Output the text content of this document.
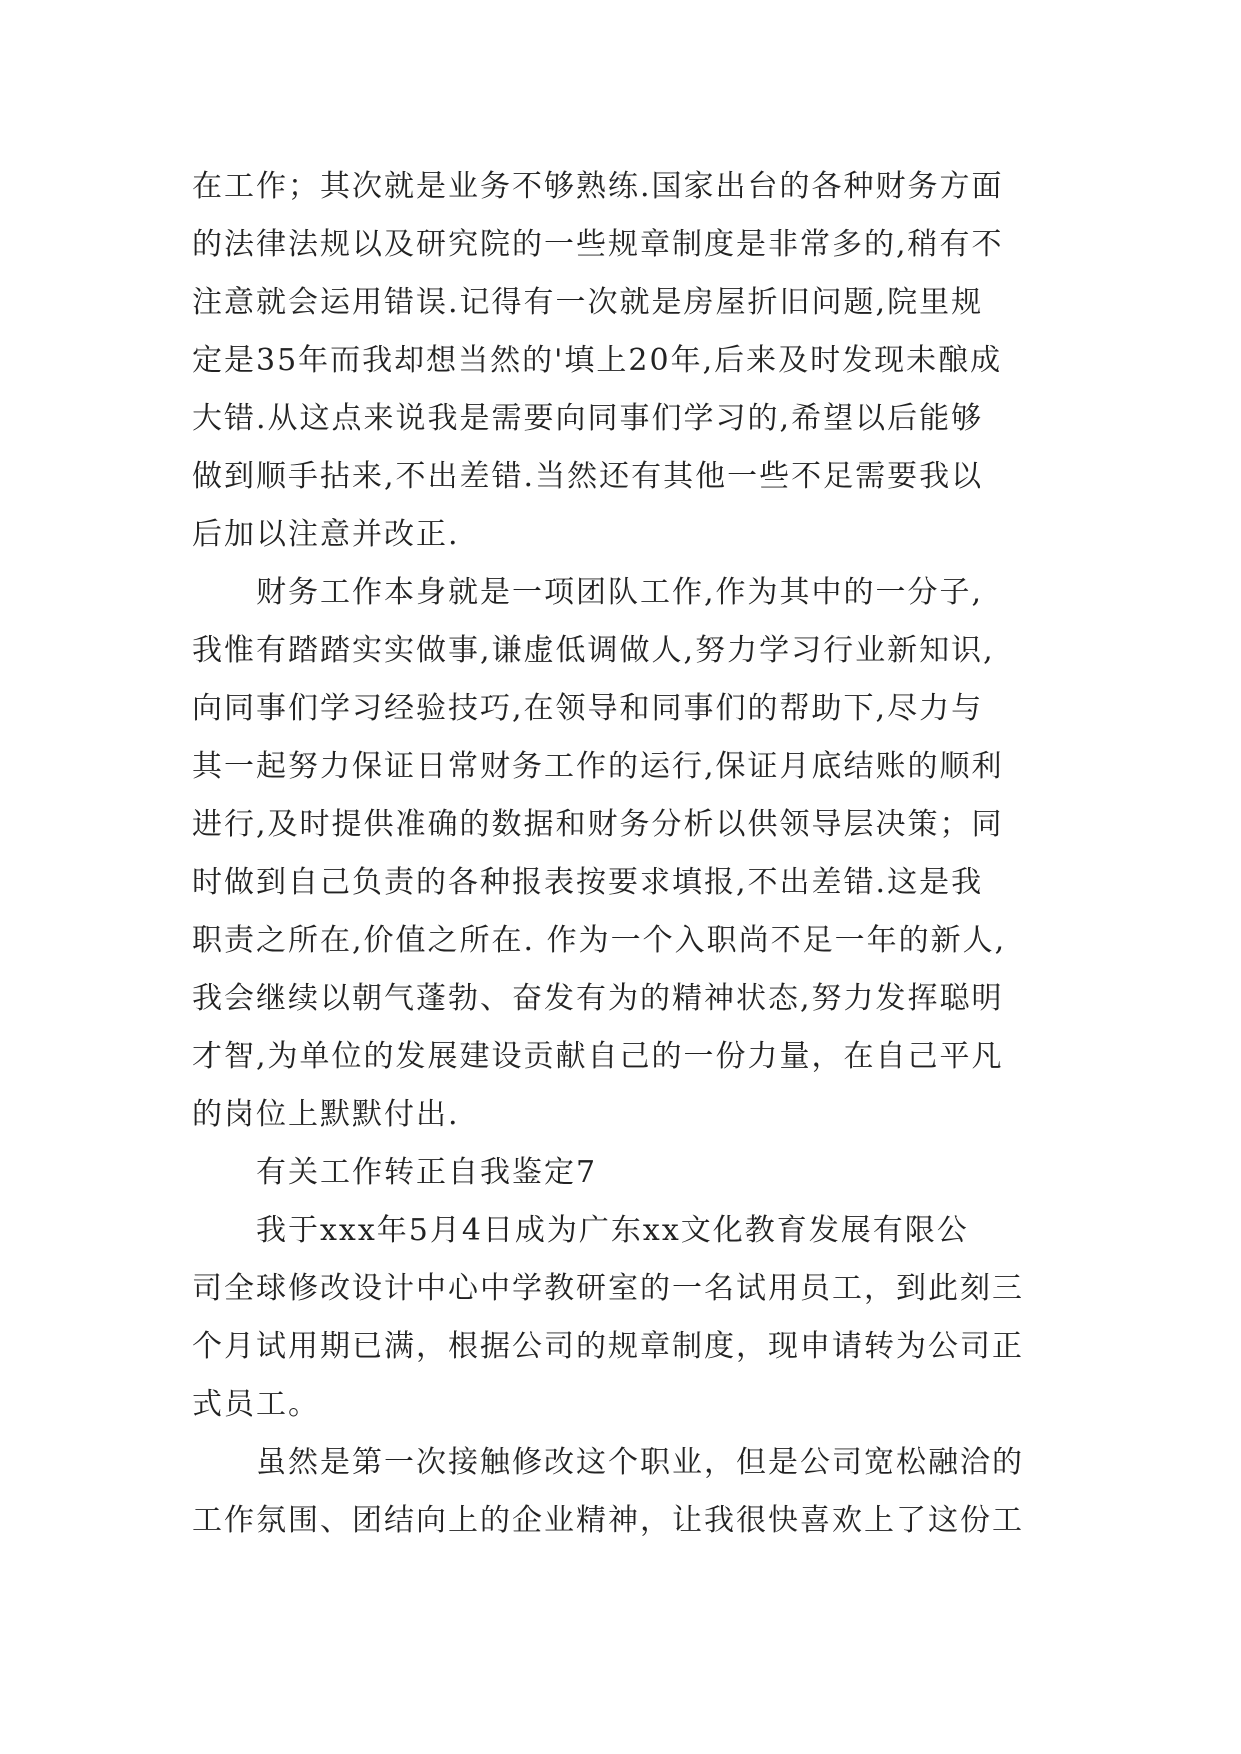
在工作；其次就是业务不够熟练.国家出台的各种财务方面
的法律法规以及研究院的一些规章制度是非常多的,稍有不
注意就会运用错误.记得有一次就是房屋折旧问题,院里规
定是35年而我却想当然的'填上20年,后来及时发现未酿成
大错.从这点来说我是需要向同事们学习的,希望以后能够
做到顺手拈来,不出差错.当然还有其他一些不足需要我以
后加以注意并改正.
财务工作本身就是一项团队工作,作为其中的一分子,
我惟有踏踏实实做事,谦虚低调做人,努力学习行业新知识,
向同事们学习经验技巧,在领导和同事们的帮助下,尽力与
其一起努力保证日常财务工作的运行,保证月底结账的顺利
进行,及时提供准确的数据和财务分析以供领导层决策；同
时做到自己负责的各种报表按要求填报,不出差错.这是我
职责之所在,价值之所在. 作为一个入职尚不足一年的新人,
我会继续以朝气蓬勃、奋发有为的精神状态,努力发挥聪明
才智,为单位的发展建设贡献自己的一份力量，在自己平凡
的岗位上默默付出.
有关工作转正自我鉴定7
我于xxx年5月4日成为广东xx文化教育发展有限公
司全球修改设计中心中学教研室的一名试用员工，到此刻三
个月试用期已满，根据公司的规章制度，现申请转为公司正
式员工。
虽然是第一次接触修改这个职业，但是公司宽松融洽的
工作氛围、团结向上的企业精神，让我很快喜欢上了这份工
